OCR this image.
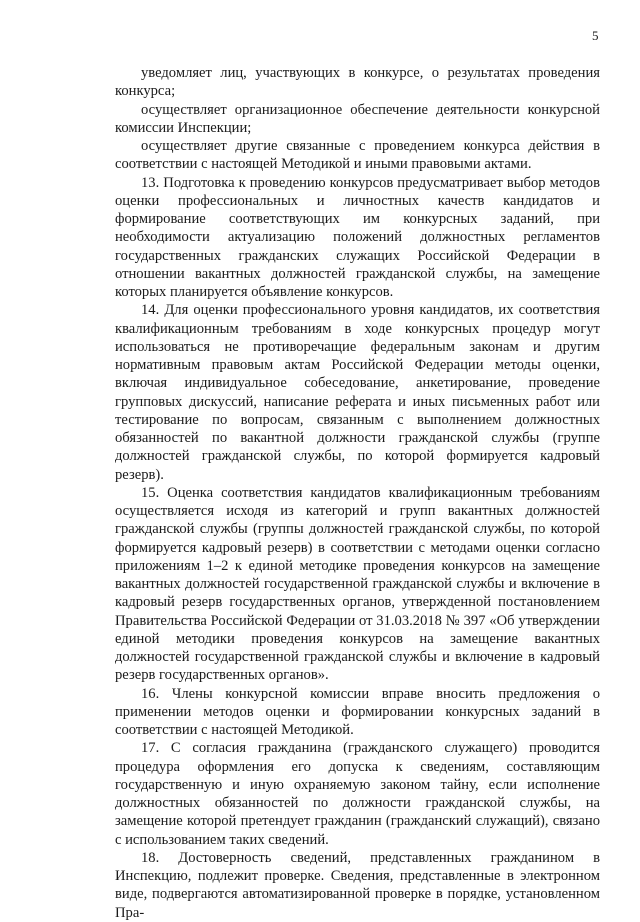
5

уведомляет лиц, участвующих в конкурсе, о результатах проведения конкурса;

осуществляет организационное обеспечение деятельности конкурсной комиссии Инспекции;

осуществляет другие связанные с проведением конкурса действия в соответствии с настоящей Методикой и иными правовыми актами.

13. Подготовка к проведению конкурсов предусматривает выбор методов оценки профессиональных и личностных качеств кандидатов и формирование соответствующих им конкурсных заданий, при необходимости актуализацию положений должностных регламентов государственных гражданских служащих Российской Федерации в отношении вакантных должностей гражданской службы, на замещение которых планируется объявление конкурсов.

14. Для оценки профессионального уровня кандидатов, их соответствия квалификационным требованиям в ходе конкурсных процедур могут использоваться не противоречащие федеральным законам и другим нормативным правовым актам Российской Федерации методы оценки, включая индивидуальное собеседование, анкетирование, проведение групповых дискуссий, написание реферата и иных письменных работ или тестирование по вопросам, связанным с выполнением должностных обязанностей по вакантной должности гражданской службы (группе должностей гражданской службы, по которой формируется кадровый резерв).

15. Оценка соответствия кандидатов квалификационным требованиям осуществляется исходя из категорий и групп вакантных должностей гражданской службы (группы должностей гражданской службы, по которой формируется кадровый резерв) в соответствии с методами оценки согласно приложениям 1–2 к единой методике проведения конкурсов на замещение вакантных должностей государственной гражданской службы и включение в кадровый резерв государственных органов, утвержденной постановлением Правительства Российской Федерации от 31.03.2018 № 397 «Об утверждении единой методики проведения конкурсов на замещение вакантных должностей государственной гражданской службы и включение в кадровый резерв государственных органов».

16. Члены конкурсной комиссии вправе вносить предложения о применении методов оценки и формировании конкурсных заданий в соответствии с настоящей Методикой.

17. С согласия гражданина (гражданского служащего) проводится процедура оформления его допуска к сведениям, составляющим государственную и иную охраняемую законом тайну, если исполнение должностных обязанностей по должности гражданской службы, на замещение которой претендует гражданин (гражданский служащий), связано с использованием таких сведений.

18. Достоверность сведений, представленных гражданином в Инспекцию, подлежит проверке. Сведения, представленные в электронном виде, подвергаются автоматизированной проверке в порядке, установленном Пра-
